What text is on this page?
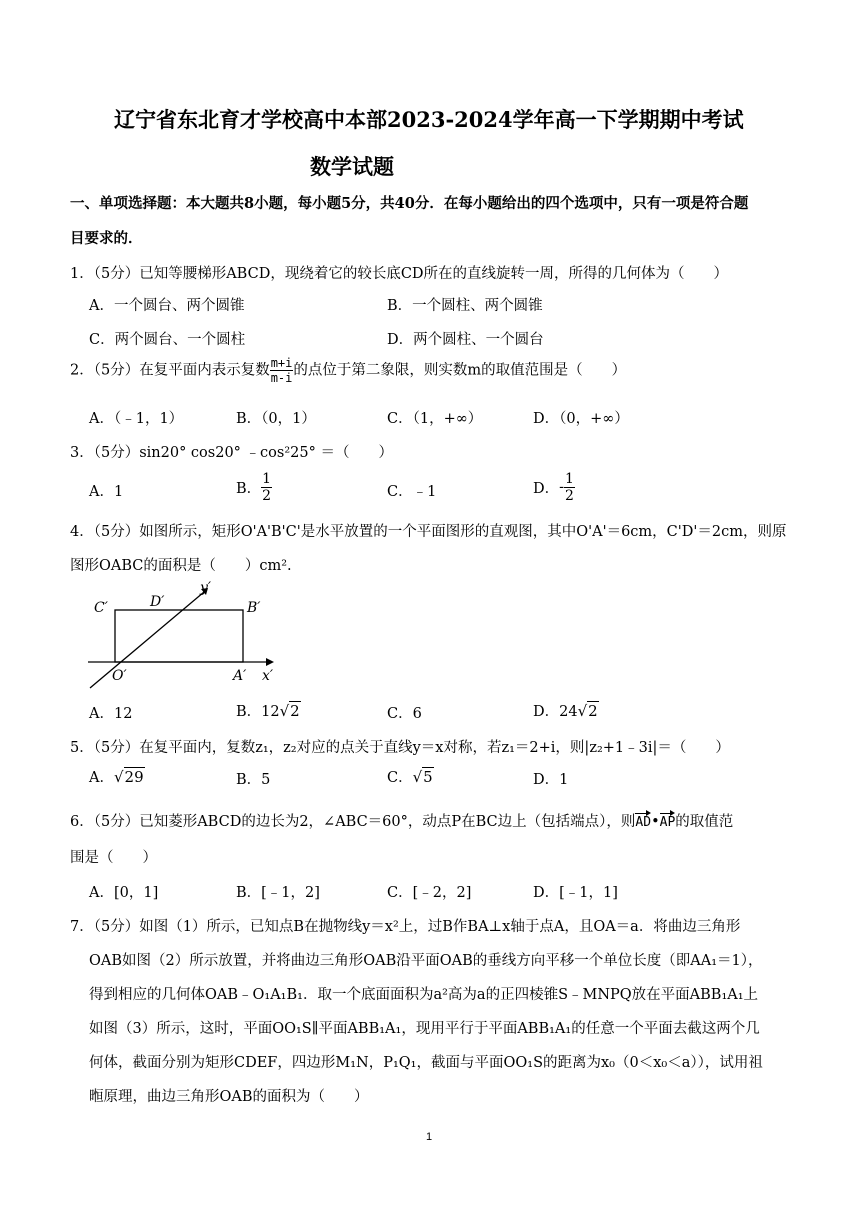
辽宁省东北育才学校高中本部2023-2024学年高一下学期期中考试
数学试题
一、单项选择题：本大题共8小题，每小题5分，共40分．在每小题给出的四个选项中，只有一项是符合题
目要求的．
1．（5分）已知等腰梯形ABCD，现绕着它的较长底CD所在的直线旋转一周，所得的几何体为（　　）
A．一个圆台、两个圆锥	B．一个圆柱、两个圆锥
C．两个圆台、一个圆柱	D．两个圆柱、一个圆台
2．（5分）在复平面内表示复数 $\frac{m+i}{m-i}$ 的点位于第二象限，则实数m的取值范围是（　　）
A．（﹣1，1）	B．（0，1）	C．（1，+∞）	D．（0，+∞）
3．（5分）sin20° cos20° ﹣cos²25° ＝（　　）
A．1	B． $\frac{1}{2}$	C．﹣1	D．- $\frac{1}{2}$
4．（5分）如图所示，矩形O'A'B'C'是水平放置的一个平面图形的直观图，其中O'A'＝6cm，C'D'＝2cm，则原
图形OABC的面积是（　　）cm².
C′	D′
y′
B′
O′	A′ x′
A．12	B．12√2	C．6	D．24√2
5．（5分）在复平面内，复数z₁，z₂对应的点关于直线y＝x对称，若z₁＝2+i，则|z₂+1﹣3i|＝（　　）
A．√29	B．5	C．√5	D．1
6．（5分）已知菱形ABCD的边长为2，∠ABC＝60°，动点P在BC边上（包括端点），则AD•AP的取值范
围是（　　）
A．[0，1]	B．[﹣1，2]	C．[﹣2，2]	D．[﹣1，1]
7．（5分）如图（1）所示，已知点B在抛物线y＝x²上，过B作BA⊥x轴于点A，且OA＝a．将曲边三角形
OAB如图（2）所示放置，并将曲边三角形OAB沿平面OAB的垂线方向平移一个单位长度（即AA₁＝1），
得到相应的几何体OAB﹣O₁A₁B₁．取一个底面面积为a²高为a的正四棱锥S﹣MNPQ放在平面ABB₁A₁上
如图（3）所示，这时，平面OO₁S∥平面ABB₁A₁，现用平行于平面ABB₁A₁的任意一个平面去截这两个几
何体，截面分别为矩形CDEF，四边形M₁N，P₁Q₁，截面与平面OO₁S的距离为x₀（0＜x₀＜a）），试用祖
暅原理，曲边三角形OAB的面积为（　　）
1
